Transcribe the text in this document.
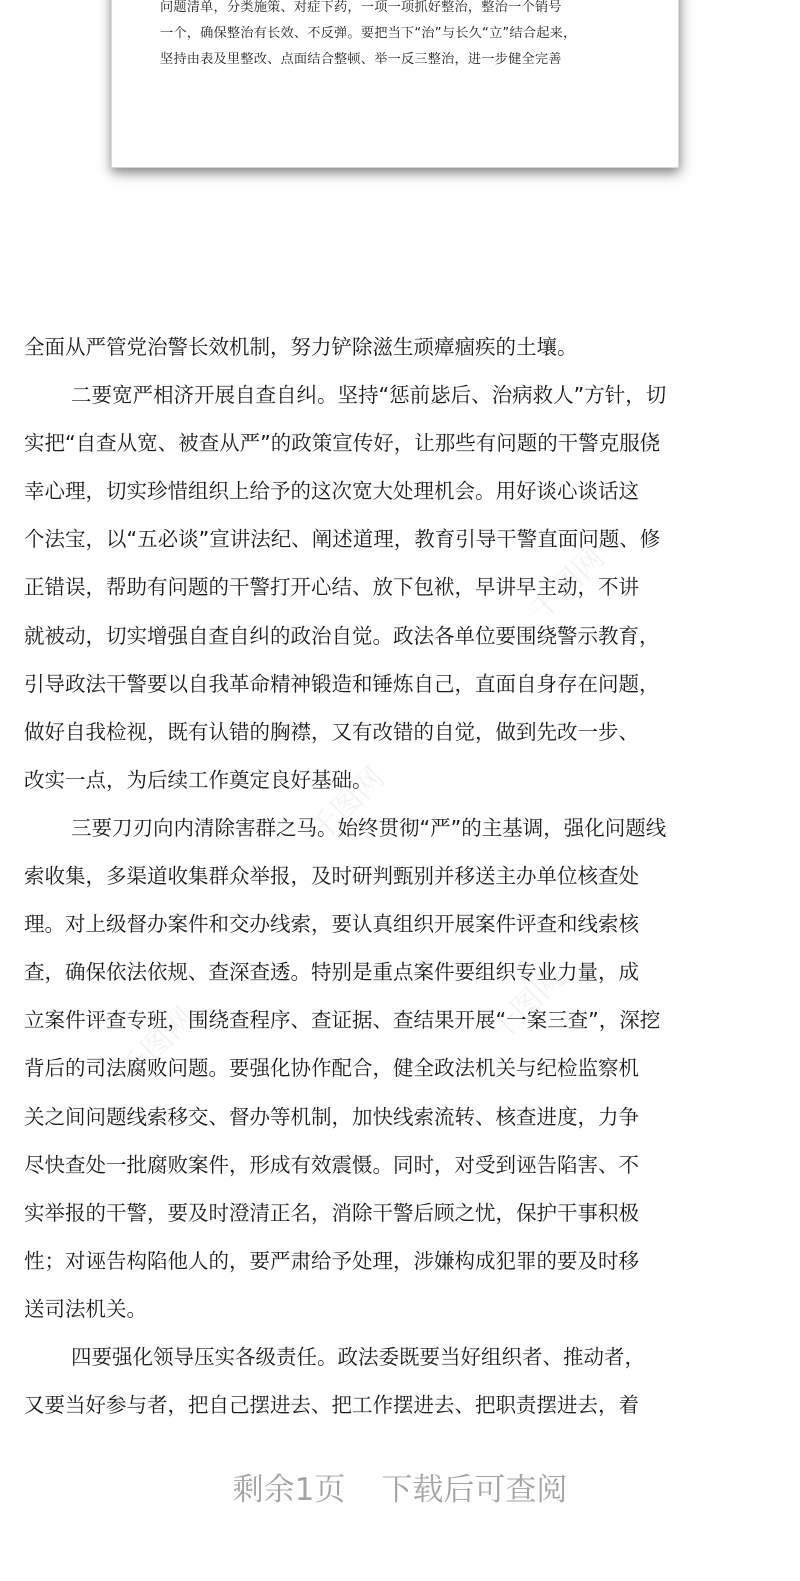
问题清单，分类施策、对症下药，一项一项抓好整治，整治一个销号
一个，确保整治有长效、不反弹。要把当下“治”与长久“立”结合起来，
坚持由表及里整改、点面结合整顿、举一反三整治，进一步健全完善
千图网
千图网
千图网
千图网
全面从严管党治警长效机制，努力铲除滋生顽瘴痼疾的土壤。
二要宽严相济开展自查自纠。坚持“惩前毖后、治病救人”方针，切
实把“自查从宽、被查从严”的政策宣传好，让那些有问题的干警克服侥
幸心理，切实珍惜组织上给予的这次宽大处理机会。用好谈心谈话这
个法宝，以“五必谈”宣讲法纪、阐述道理，教育引导干警直面问题、修
正错误，帮助有问题的干警打开心结、放下包袱，早讲早主动，不讲
就被动，切实增强自查自纠的政治自觉。政法各单位要围绕警示教育，
引导政法干警要以自我革命精神锻造和锤炼自己，直面自身存在问题，
做好自我检视，既有认错的胸襟，又有改错的自觉，做到先改一步、
改实一点，为后续工作奠定良好基础。
三要刀刃向内清除害群之马。始终贯彻“严”的主基调，强化问题线
索收集，多渠道收集群众举报，及时研判甄别并移送主办单位核查处
理。对上级督办案件和交办线索，要认真组织开展案件评查和线索核
查，确保依法依规、查深查透。特别是重点案件要组织专业力量，成
立案件评查专班，围绕查程序、查证据、查结果开展“一案三查”，深挖
背后的司法腐败问题。要强化协作配合，健全政法机关与纪检监察机
关之间问题线索移交、督办等机制，加快线索流转、核查进度，力争
尽快查处一批腐败案件，形成有效震慑。同时，对受到诬告陷害、不
实举报的干警，要及时澄清正名，消除干警后顾之忧，保护干事积极
性；对诬告构陷他人的，要严肃给予处理，涉嫌构成犯罪的要及时移
送司法机关。
四要强化领导压实各级责任。政法委既要当好组织者、推动者，
又要当好参与者，把自己摆进去、把工作摆进去、把职责摆进去，着
剩余1页 下载后可查阅
